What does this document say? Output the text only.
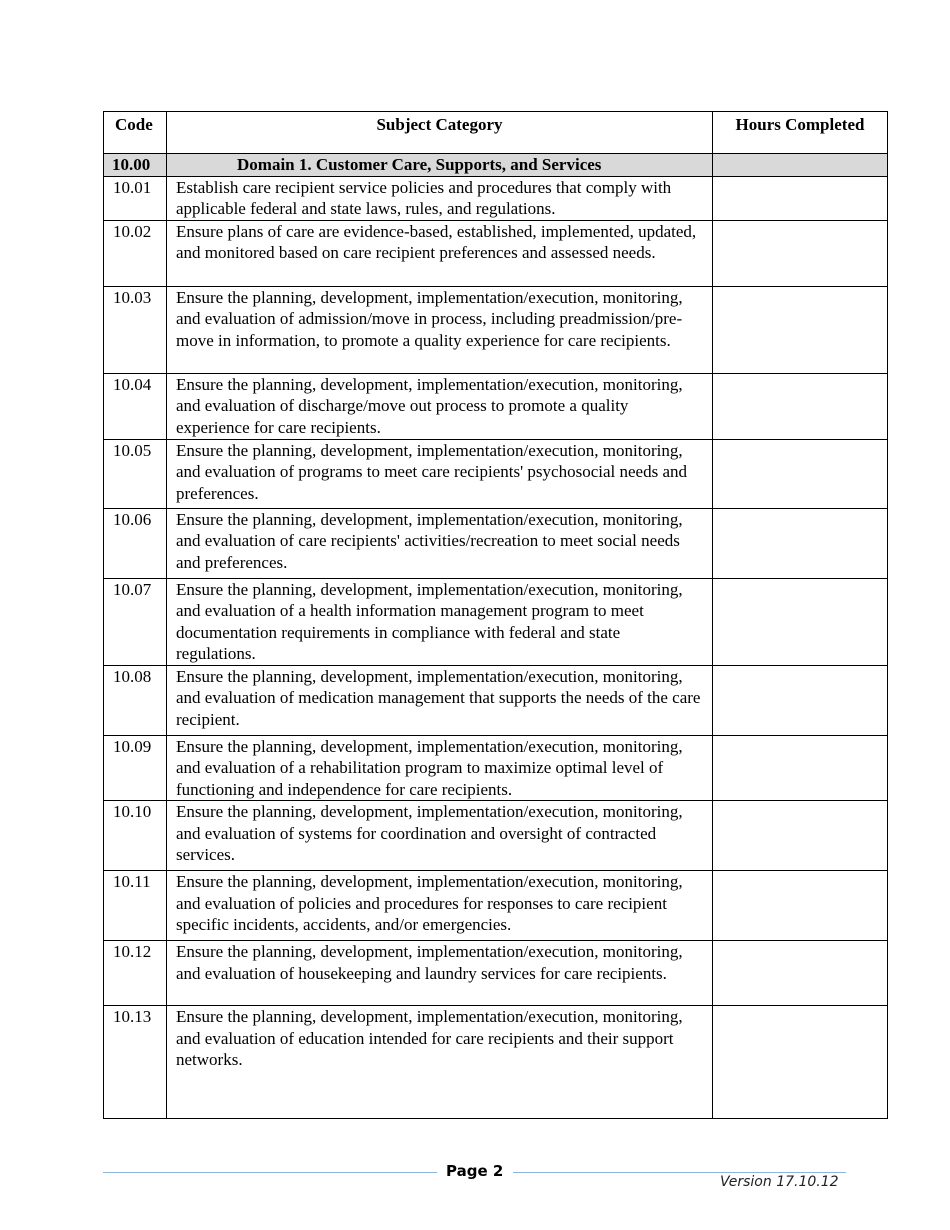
Code	Subject Category	Hours Completed
10.00	Domain 1. Customer Care, Supports, and Services	
10.01	Establish care recipient service policies and procedures that comply with applicable federal and state laws, rules, and regulations.	
10.02	Ensure plans of care are evidence-based, established, implemented, updated, and monitored based on care recipient preferences and assessed needs.	
10.03	Ensure the planning, development, implementation/execution, monitoring, and evaluation of admission/move in process, including preadmission/pre-move in information, to promote a quality experience for care recipients.	
10.04	Ensure the planning, development, implementation/execution, monitoring, and evaluation of discharge/move out process to promote a quality experience for care recipients.	
10.05	Ensure the planning, development, implementation/execution, monitoring, and evaluation of programs to meet care recipients' psychosocial needs and preferences.	
10.06	Ensure the planning, development, implementation/execution, monitoring, and evaluation of care recipients' activities/recreation to meet social needs and preferences.	
10.07	Ensure the planning, development, implementation/execution, monitoring, and evaluation of a health information management program to meet documentation requirements in compliance with federal and state regulations.	
10.08	Ensure the planning, development, implementation/execution, monitoring, and evaluation of medication management that supports the needs of the care recipient.	
10.09	Ensure the planning, development, implementation/execution, monitoring, and evaluation of a rehabilitation program to maximize optimal level of functioning and independence for care recipients.	
10.10	Ensure the planning, development, implementation/execution, monitoring, and evaluation of systems for coordination and oversight of contracted services.	
10.11	Ensure the planning, development, implementation/execution, monitoring, and evaluation of policies and procedures for responses to care recipient specific incidents, accidents, and/or emergencies.	
10.12	Ensure the planning, development, implementation/execution, monitoring, and evaluation of housekeeping and laundry services for care recipients.	
10.13	Ensure the planning, development, implementation/execution, monitoring, and evaluation of education intended for care recipients and their support networks.	
Page 2
Version 17.10.12
